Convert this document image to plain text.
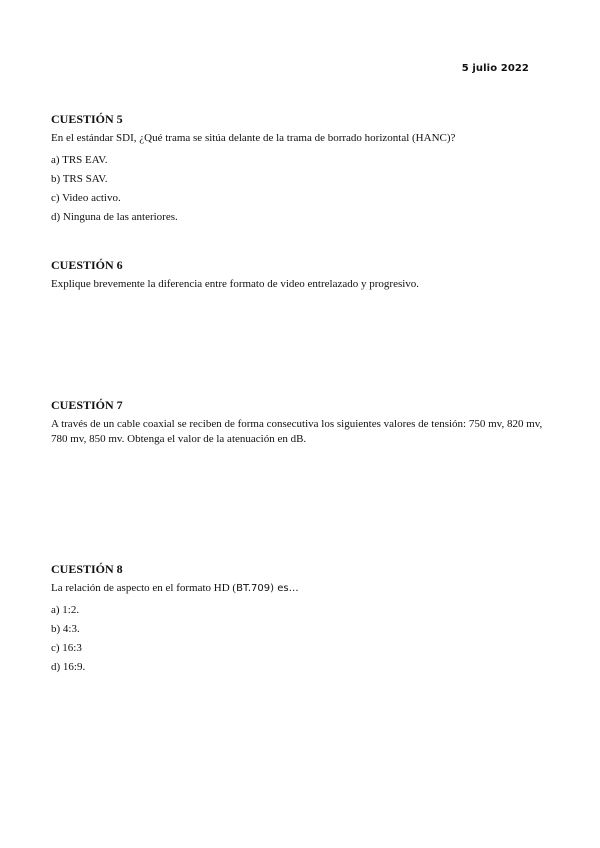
5 julio 2022
CUESTIÓN 5

En el estándar SDI, ¿Qué trama se sitúa delante de la trama de borrado horizontal (HANC)?

a) TRS EAV.
b) TRS SAV.
c) Video activo.
d) Ninguna de las anteriores.
CUESTIÓN 6

Explique brevemente la diferencia entre formato de video entrelazado y progresivo.

CUESTIÓN 7

A través de un cable coaxial se reciben de forma consecutiva los siguientes valores de tensión: 750 mv, 820 mv, 780 mv, 850 mv. Obtenga el valor de la atenuación en dB.

CUESTIÓN 8

La relación de aspecto en el formato HD (BT.709) es…

a) 1:2.
b) 4:3.
c) 16:3
d) 16:9.
